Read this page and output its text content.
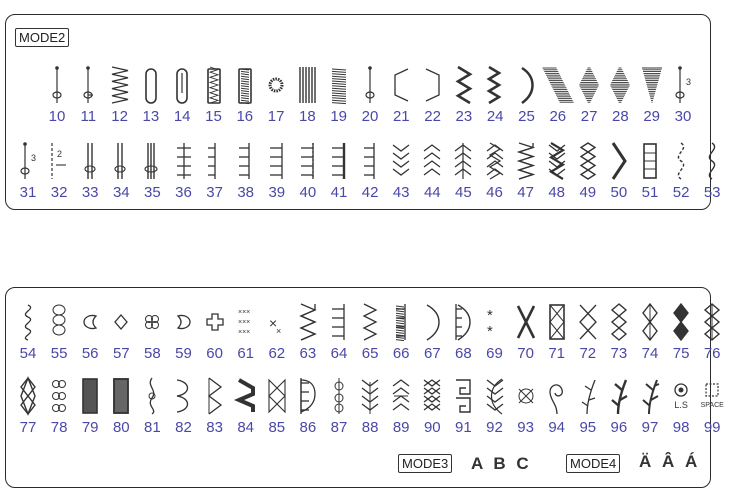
MODE2
10	11	12 13 14 15 16 17 18 19 20 21 22 23 24 25 26 27 28 29
3
30
3
31
2
32 33 34 35 36 37 38 39 40 41 42 43 44 45 46 47 48 49 50 51 52 53
54 55 56 57 58 59 60
×××
×××
×××
61
×
×
62 63 64 65 66 67 68
*
*
69 70 71 72 73 74 75 76
77 78 79 80 81 82 83 84 85 86 87 88 89 90 91 92 93 94 95 96 97 98
L.S
99
SPACE
MODE3 A B C	MODE4 Ä Â Á
